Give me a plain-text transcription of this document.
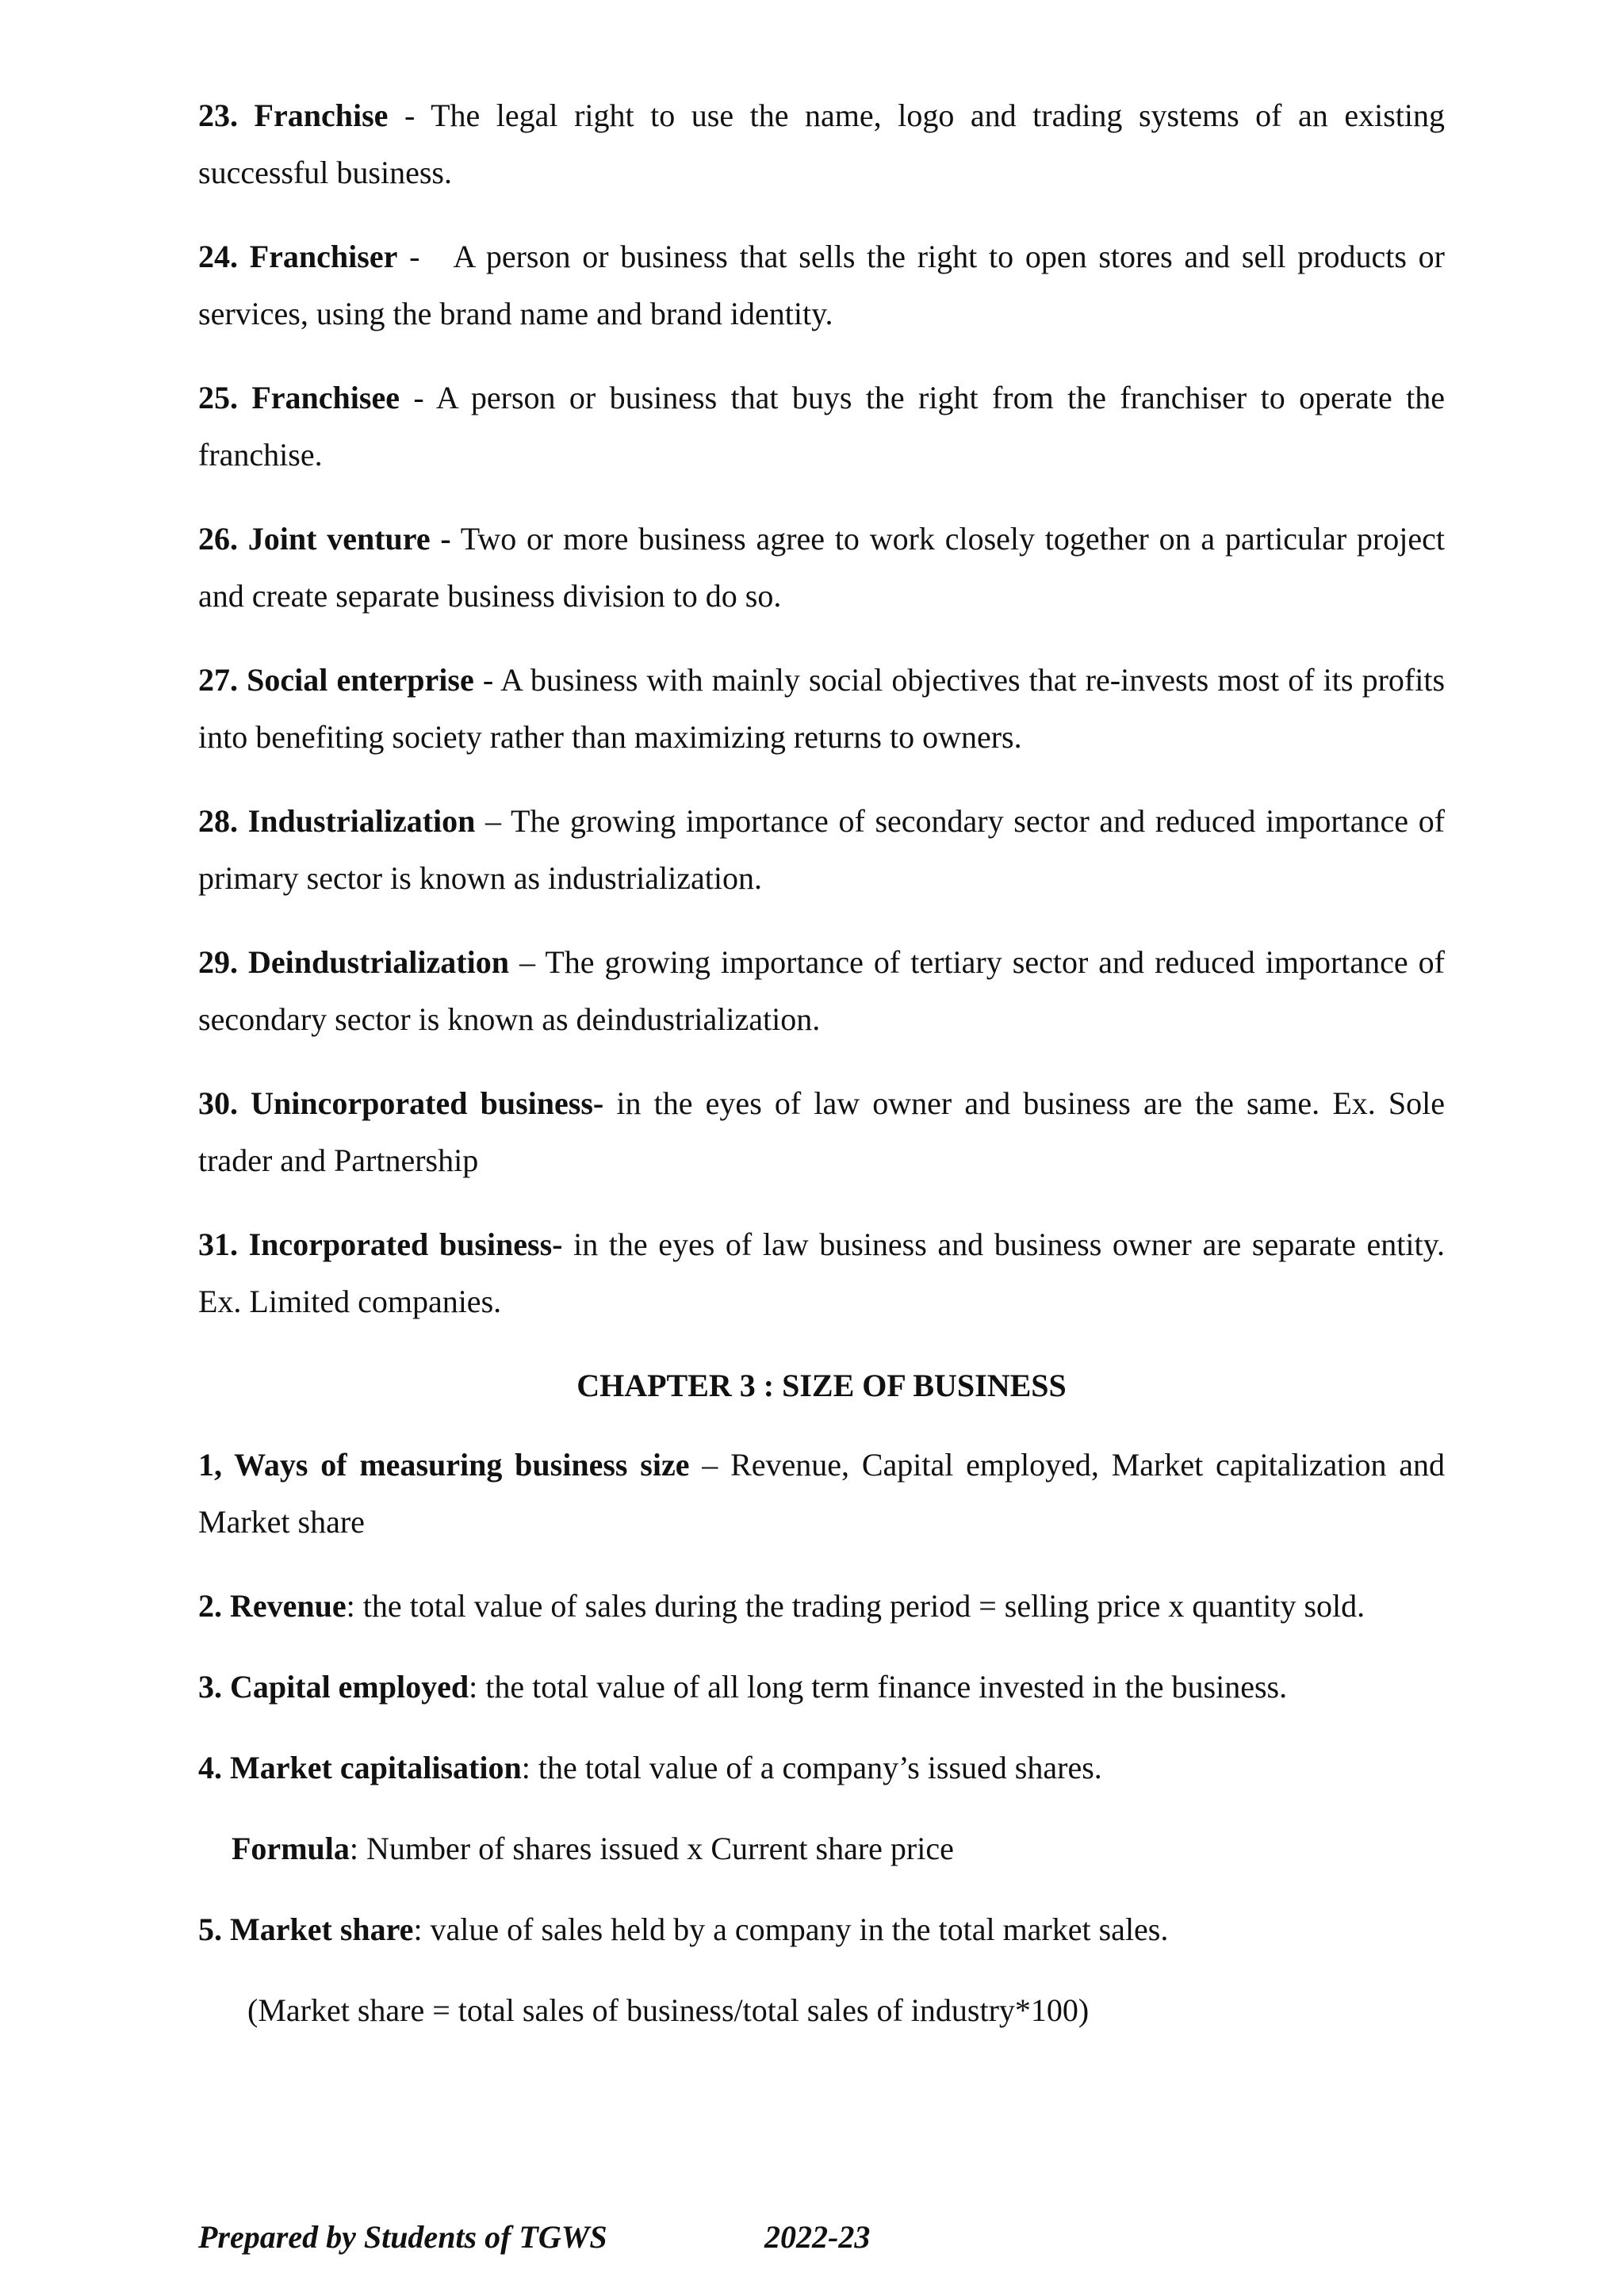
23. Franchise - The legal right to use the name, logo and trading systems of an existing successful business.

24. Franchiser -   A person or business that sells the right to open stores and sell products or services, using the brand name and brand identity.

25. Franchisee - A person or business that buys the right from the franchiser to operate the franchise.

26. Joint venture - Two or more business agree to work closely together on a particular project and create separate business division to do so.

27. Social enterprise - A business with mainly social objectives that re-invests most of its profits into benefiting society rather than maximizing returns to owners.

28. Industrialization – The growing importance of secondary sector and reduced importance of primary sector is known as industrialization.

29. Deindustrialization – The growing importance of tertiary sector and reduced importance of secondary sector is known as deindustrialization.

30. Unincorporated business- in the eyes of law owner and business are the same. Ex. Sole trader and Partnership

31. Incorporated business- in the eyes of law business and business owner are separate entity. Ex. Limited companies.

CHAPTER 3 : SIZE OF BUSINESS

1, Ways of measuring business size – Revenue, Capital employed, Market capitalization and Market share

2. Revenue: the total value of sales during the trading period = selling price x quantity sold.

3. Capital employed: the total value of all long term finance invested in the business.

4. Market capitalisation: the total value of a company’s issued shares.

Formula: Number of shares issued x Current share price

5. Market share: value of sales held by a company in the total market sales.

(Market share = total sales of business/total sales of industry*100)

Prepared by Students of TGWS	2022-23
